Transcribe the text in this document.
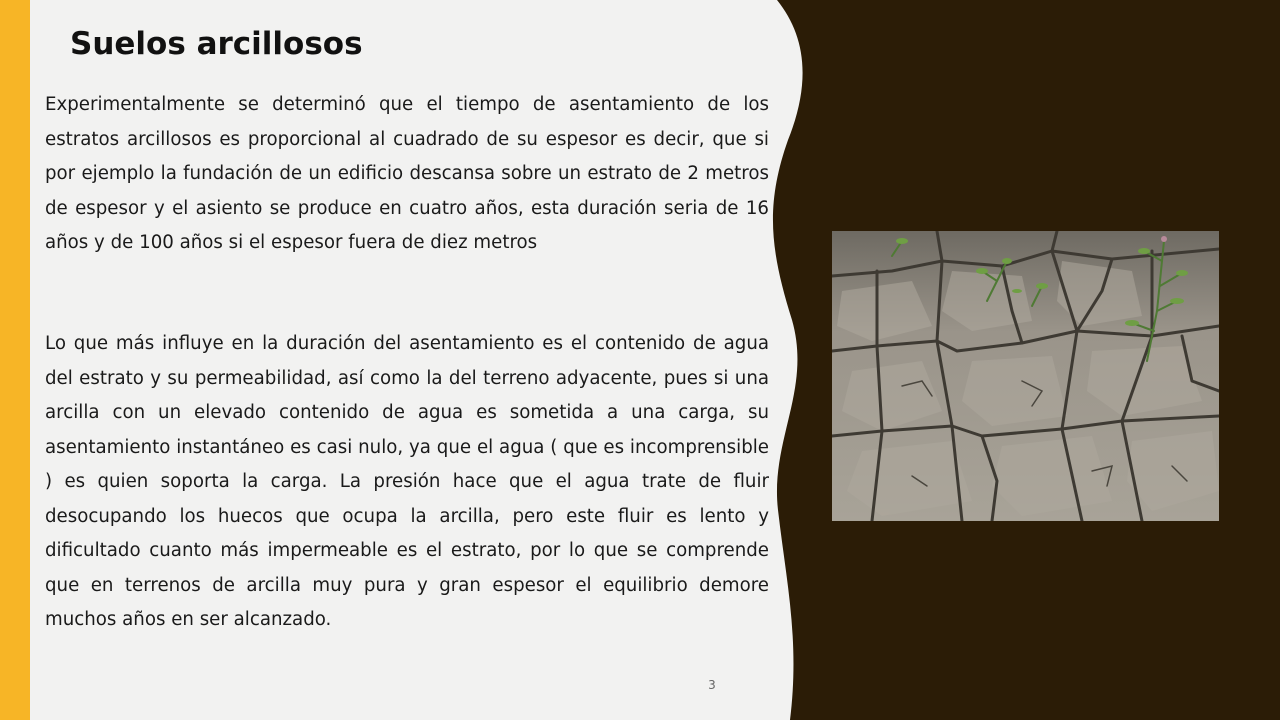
Suelos arcillosos

Experimentalmente se determinó que el tiempo de asentamiento de los estratos arcillosos es proporcional al cuadrado de su espesor es decir, que si por ejemplo la fundación de un edificio descansa sobre un estrato de 2 metros de espesor y el asiento se produce en cuatro años, esta duración seria de 16 años y de 100 años si el espesor fuera de diez metros

Lo que más influye en la duración del asentamiento es el contenido de agua del estrato y su permeabilidad, así como la del terreno adyacente, pues si una arcilla con un elevado contenido de agua es sometida a una carga, su asentamiento instantáneo es casi nulo, ya que el agua ( que es incomprensible ) es quien soporta la carga. La presión hace que el agua trate de fluir desocupando los huecos que ocupa la arcilla, pero este fluir es lento y dificultado cuanto más impermeable es el estrato, por lo que se comprende que en terrenos de arcilla muy pura y gran espesor el equilibrio demore muchos años en ser alcanzado.

3
